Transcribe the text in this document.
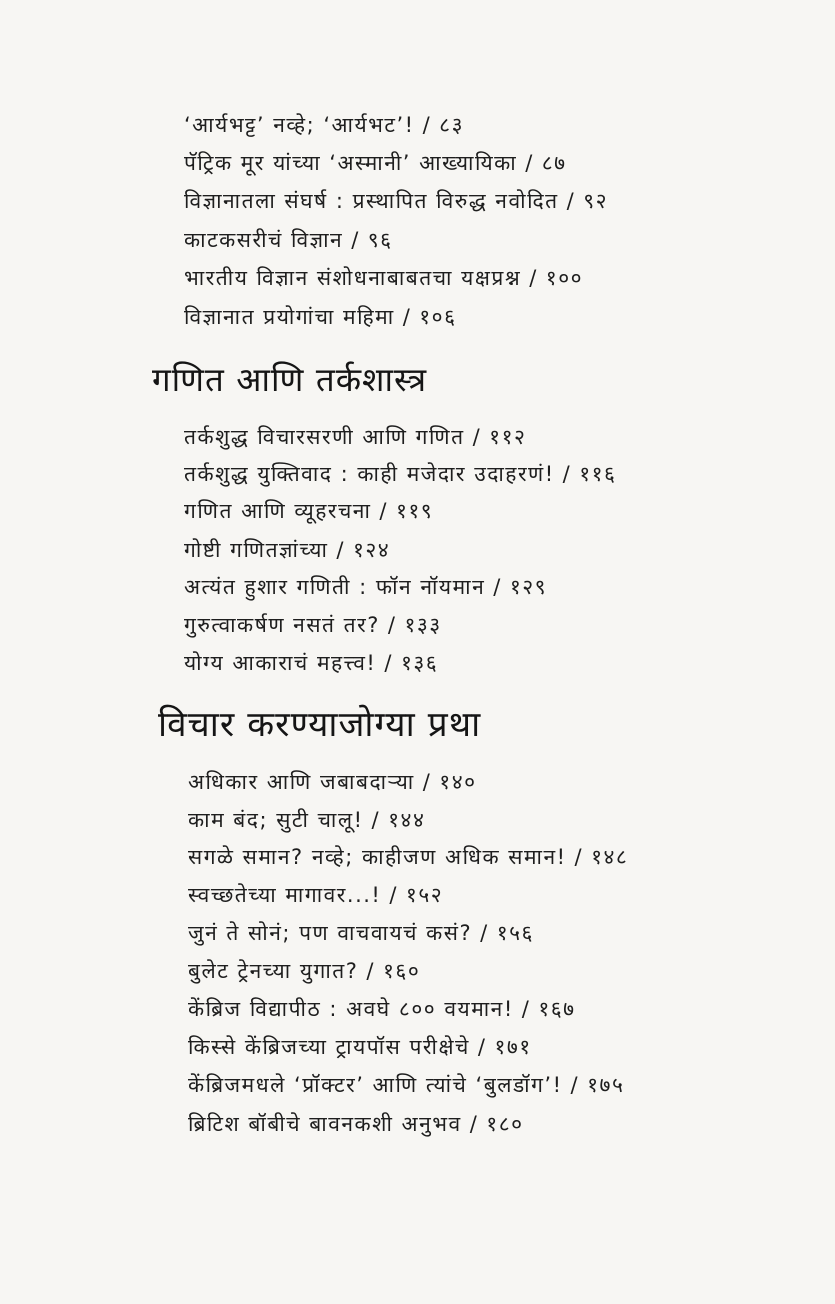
‘आर्यभट्ट’ नव्हे; ‘आर्यभट’! / ८३
पॅट्रिक मूर यांच्या ‘अस्मानी’ आख्यायिका / ८७
विज्ञानातला संघर्ष : प्रस्थापित विरुद्ध नवोदित / ९२
काटकसरीचं विज्ञान / ९६
भारतीय विज्ञान संशोधनाबाबतचा यक्षप्रश्न / १००
विज्ञानात प्रयोगांचा महिमा / १०६
गणित आणि तर्कशास्त्र
तर्कशुद्ध विचारसरणी आणि गणित / ११२
तर्कशुद्ध युक्तिवाद : काही मजेदार उदाहरणं! / ११६
गणित आणि व्यूहरचना / ११९
गोष्टी गणितज्ञांच्या / १२४
अत्यंत हुशार गणिती : फॉन नॉयमान / १२९
गुरुत्वाकर्षण नसतं तर? / १३३
योग्य आकाराचं महत्त्व! / १३६
विचार करण्याजोग्या प्रथा
अधिकार आणि जबाबदाऱ्या / १४०
काम बंद; सुटी चालू! / १४४
सगळे समान? नव्हे; काहीजण अधिक समान! / १४८
स्वच्छतेच्या मागावर...! / १५२
जुनं ते सोनं; पण वाचवायचं कसं? / १५६
बुलेट ट्रेनच्या युगात? / १६०
केंब्रिज विद्यापीठ : अवघे ८०० वयमान! / १६७
किस्से केंब्रिजच्या ट्रायपॉस परीक्षेचे / १७१
केंब्रिजमधले ‘प्रॉक्टर’ आणि त्यांचे ‘बुलडॉग’! / १७५
ब्रिटिश बॉबीचे बावनकशी अनुभव / १८०
